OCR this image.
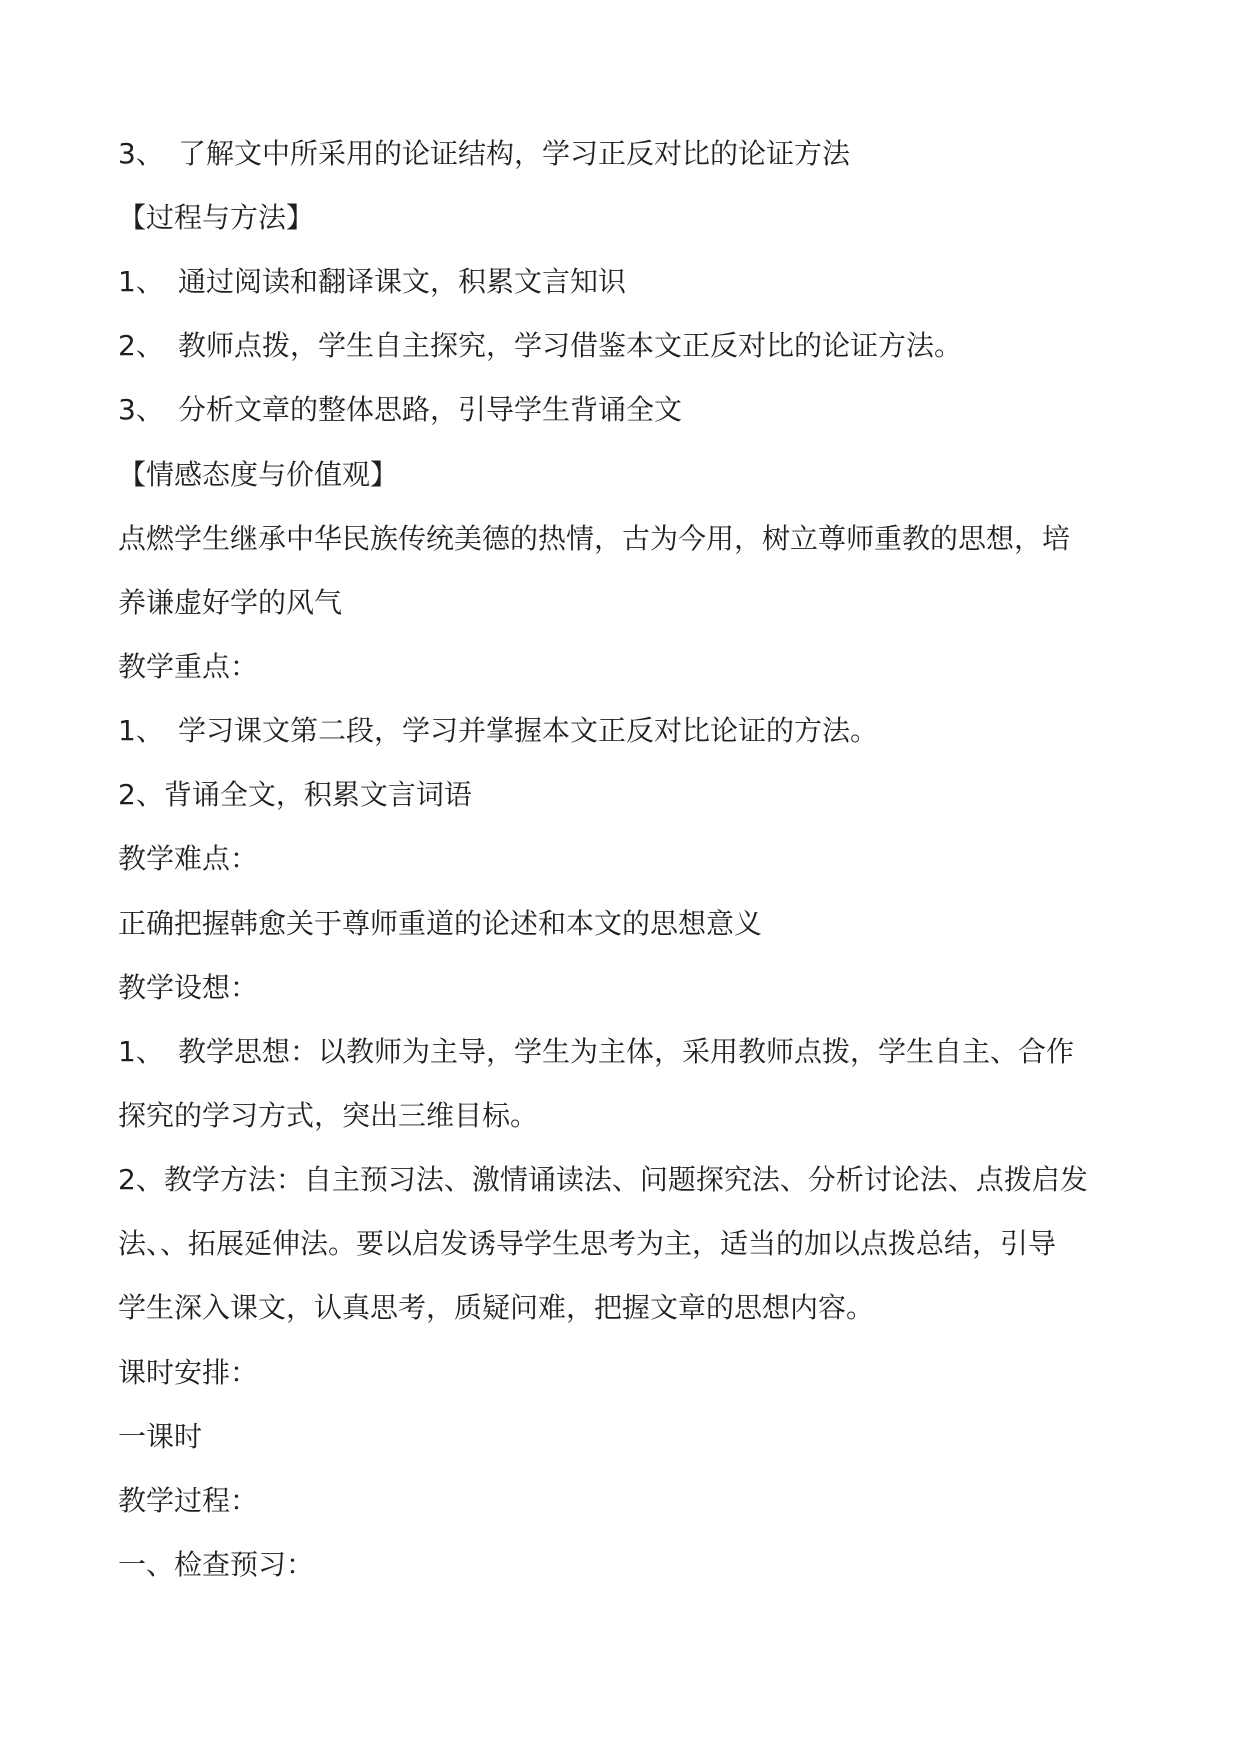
3、 了解文中所采用的论证结构，学习正反对比的论证方法
【过程与方法】
1、 通过阅读和翻译课文，积累文言知识
2、 教师点拨，学生自主探究，学习借鉴本文正反对比的论证方法。
3、 分析文章的整体思路，引导学生背诵全文
【情感态度与价值观】
点燃学生继承中华民族传统美德的热情，古为今用，树立尊师重教的思想，培
养谦虚好学的风气
教学重点：
1、 学习课文第二段，学习并掌握本文正反对比论证的方法。
2、背诵全文，积累文言词语
教学难点：
正确把握韩愈关于尊师重道的论述和本文的思想意义
教学设想：
1、 教学思想：以教师为主导，学生为主体，采用教师点拨，学生自主、合作
探究的学习方式，突出三维目标。
2、教学方法：自主预习法、激情诵读法、问题探究法、分析讨论法、点拨启发
法、、拓展延伸法。要以启发诱导学生思考为主，适当的加以点拨总结，引导
学生深入课文，认真思考，质疑问难，把握文章的思想内容。
课时安排：
一课时
教学过程：
一、检查预习：
